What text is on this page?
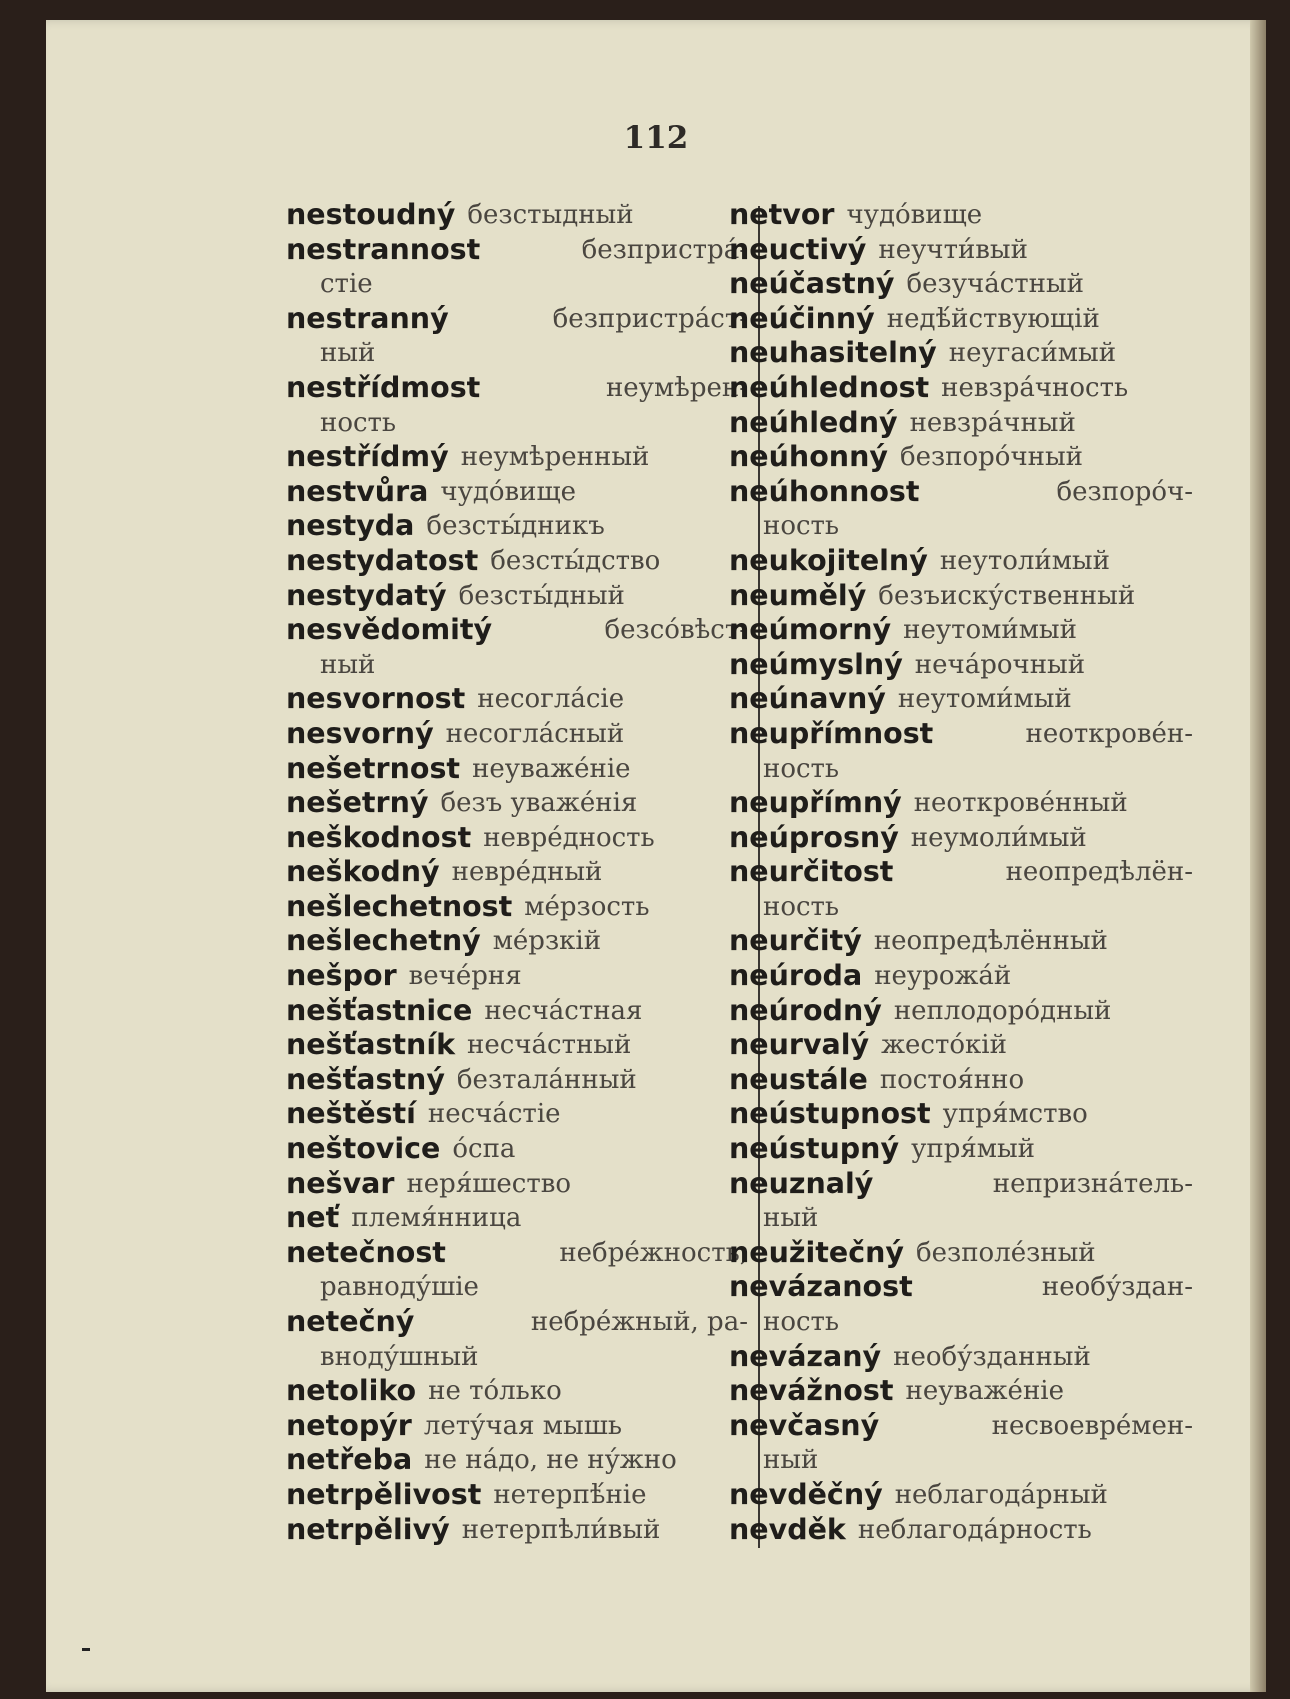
112
nestoudný безстыдный
nestrannost	безпристра́-
стіе
nestranný	безпристра́ст-
ный
nestřídmost	неумѣрен-
ность
nestřídmý неумѣренный
nestvůra чудо́вище
nestyda безсты́дникъ
nestydatost безсты́дство
nestydatý безсты́дный
nesvědomitý	безсо́вѣст-
ный
nesvornost несогла́сіе
nesvorný несогла́сный
nešetrnost неуваже́ніе
nešetrný безъ уваже́нія
neškodnost невре́дность
neškodný невре́дный
nešlechetnost ме́рзость
nešlechetný ме́рзкій
nešpor вече́рня
nešťastnice несча́стная
nešťastník несча́стный
nešťastný безтала́нный
neštěstí несча́стіе
neštovice о́спа
nešvar неря́шество
neť племя́нница
netečnost	небре́жность,
равноду́шіе
netečný	небре́жный, ра-
вноду́шный
netoliko не то́лько
netopýr лету́чая мышь
netřeba не на́до, не ну́жно
netrpělivost нетерпѣ́ніе
netrpělivý нетерпѣли́вый
netvor чудо́вище
neuctivý неучти́вый
neúčastný безуча́стный
neúčinný недѣ́йствующій
neuhasitelný неугаси́мый
neúhlednost невзра́чность
neúhledný невзра́чный
neúhonný безпоро́чный
neúhonnost	безпоро́ч-
ность
neukojitelný неутоли́мый
neumělý безъиску́ственный
neúmorný неутоми́мый
neúmyslný неча́рочный
neúnavný неутоми́мый
neupřímnost	неоткрове́н-
ность
neupřímný неоткрове́нный
neúprosný неумоли́мый
neurčitost	неопредѣлён-
ность
neurčitý неопредѣлённый
neúroda неурожа́й
neúrodný неплодоро́дный
neurvalý жесто́кій
neustále постоя́нно
neústupnost упря́мство
neústupný упря́мый
neuznalý	непризна́тель-
ный
neužitečný безполе́зный
nevázanost	необу́здан-
ность
nevázaný необу́зданный
nevážnost неуваже́ніе
nevčasný	несвоевре́мен-
ный
nevděčný неблагода́рный
nevděk неблагода́рность
